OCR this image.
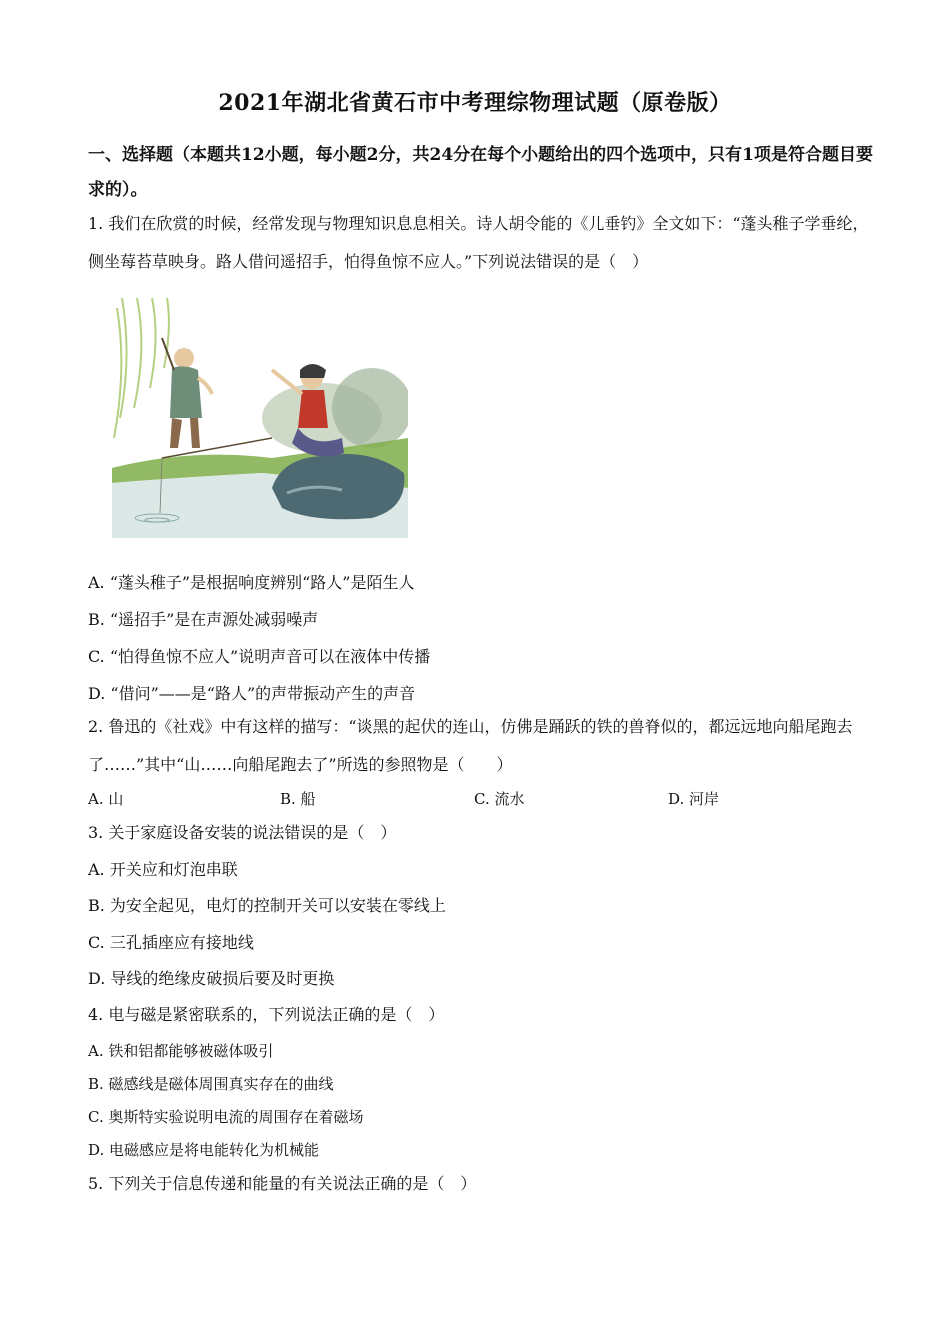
2021年湖北省黄石市中考理综物理试题（原卷版）
一、选择题（本题共12小题，每小题2分，共24分在每个小题给出的四个选项中，只有1项是符合题目要求的）。
1. 我们在欣赏的时候，经常发现与物理知识息息相关。诗人胡令能的《儿垂钓》全文如下：“蓬头稚子学垂纶，侧坐莓苔草映身。路人借问遥招手，怕得鱼惊不应人。”下列说法错误的是（　）
A. “蓬头稚子”是根据响度辨别“路人”是陌生人
B. “遥招手”是在声源处减弱噪声
C. “怕得鱼惊不应人”说明声音可以在液体中传播
D. “借问”——是“路人”的声带振动产生的声音
2. 鲁迅的《社戏》中有这样的描写：“谈黑的起伏的连山，仿佛是踊跃的铁的兽脊似的，都远远地向船尾跑去了……”其中“山……向船尾跑去了”所选的参照物是（　　）
A. 山	B. 船	C. 流水	D. 河岸
3. 关于家庭设备安装的说法错误的是（　）
A. 开关应和灯泡串联
B. 为安全起见，电灯的控制开关可以安装在零线上
C. 三孔插座应有接地线
D. 导线的绝缘皮破损后要及时更换
4. 电与磁是紧密联系的，下列说法正确的是（　）
A. 铁和铝都能够被磁体吸引
B. 磁感线是磁体周围真实存在的曲线
C. 奥斯特实验说明电流的周围存在着磁场
D. 电磁感应是将电能转化为机械能
5. 下列关于信息传递和能量的有关说法正确的是（　）
